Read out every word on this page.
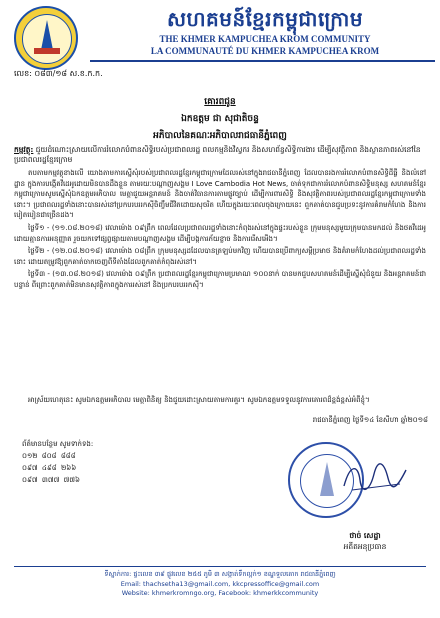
សហគមន៍ខ្មែរកម្ពុជាក្រោម
THE KHMER KAMPUCHEA KROM COMMUNITY
LA COMMUNAUTÉ DU KHMER KAMPUCHEA KROM
លេខ: ០៨៣/១៨ ស.ខ.ក.ក.
គោរពជូន
ឯកឧត្តម ជា សុជាតិចន្ទ
អភិបាលនៃគណៈអភិបាលរាជធានីភ្នំពេញ
កម្មវត្ថុ: ជួយដំណោះស្រាយលើការរំលោភបំពានសិទ្ធិរបស់ប្រជាពលរដ្ឋ ពលកម្មនិងវិស្វករ និងសហព័ន្ធសិទ្ធិការងារ ដើម្បីសុវត្ថិភាព និងស្ថានភាពរស់នៅនៃប្រជាពលរដ្ឋខ្មែរក្រោម

តបតាមកម្មវត្ថុខាងលើ យោងតាមការស្នើសុំរបស់ប្រជាពលរដ្ឋខ្មែរកម្ពុជាក្រោមដែលរស់នៅក្នុងរាជធានីភ្នំពេញ ដែលបានរងការរំលោភបំពានសិទ្ធិដីធ្លី និងលំនៅដ្ឋាន ក្នុងការបង្កើតវីដេអូដោយមិនបានដឹងខ្លួន តាមរយៈបណ្តាញសង្គម I Love Cambodia Hot News, ចាត់ទុកជាការរំលោភបំពានសិទ្ធិមនុស្ស សហគមន៍ខ្មែរកម្ពុជាក្រោមសូមស្នើសុំឯកឧត្តមអភិបាល មេត្តាជួយអន្តរាគមន៍ និងចាត់វិធានការតាមផ្លូវច្បាប់ ដើម្បីការពារសិទ្ធិ និងសុវត្ថិភាពរបស់ប្រជាពលរដ្ឋខ្មែរកម្ពុជាក្រោមទាំងនោះ។ ប្រជាពលរដ្ឋទាំងនោះបានរស់នៅប្រកបរបររកស៊ីចិញ្ចឹមជីវិតដោយសុចរិត ហើយក្នុងរយៈពេលចុងក្រោយនេះ ពួកគាត់បានជួបប្រទះនូវការគំរាមកំហែង និងការបៀតបៀនជាច្រើនដង។

ថ្ងៃទី១ - (១១.០៨.២០១៨) វេលាម៉ោង ០៩ព្រឹក ពេលដែលប្រជាពលរដ្ឋទាំងនោះកំពុងរស់នៅក្នុងផ្ទះរបស់ខ្លួន ក្រុមមនុស្សមួយក្រុមបានមកដល់ និងថតវីដេអូដោយគ្មានការអនុញ្ញាត រួចយកទៅផ្សព្វផ្សាយតាមបណ្តាញសង្គម ដើម្បីបង្កការភ័យខ្លាច និងការរើសអើង។

ថ្ងៃទី២ - (១២.០៨.២០១៨) វេលាម៉ោង ០៨ព្រឹក ក្រុមមនុស្សដដែលបានត្រឡប់មកវិញ ហើយបានប្រើពាក្យសម្តីប្រមាថ និងគំរាមកំហែងដល់ប្រជាពលរដ្ឋទាំងនោះ ដោយតម្រូវឱ្យពួកគាត់ចាកចេញពីទីតាំងដែលពួកគាត់កំពុងរស់នៅ។

ថ្ងៃទី៣ - (១៣.០៨.២០១៨) វេលាម៉ោង ០៩ព្រឹក ប្រជាពលរដ្ឋខ្មែរកម្ពុជាក្រោមប្រមាណ ១០០នាក់ បានមកជួបសហគមន៍ដើម្បីស្នើសុំជំនួយ និងអន្តរាគមន៍ជាបន្ទាន់ ពីព្រោះពួកគាត់មិនមានសុវត្ថិភាពក្នុងការរស់នៅ និងប្រកបរបររកស៊ី។

អាស្រ័យហេតុនេះ សូមឯកឧត្តមអភិបាល មេត្តាពិនិត្យ និងជួយដោះស្រាយតាមការគួរ។ សូមឯកឧត្តមទទួលនូវការគោរពដ៏ខ្ពង់ខ្ពស់អំពីខ្ញុំ។
រាជធានីភ្នំពេញ ថ្ងៃទី១៤ ខែសីហា ឆ្នាំ២០១៨
ព័ត៌មានបន្ថែម សូមទាក់ទង:
០១២ ៨០៨ ៨៨៨
០៩៧ ៤៩៨ ២៦៦
០៩៧ ៣៧៧ ៧៧៦
ថាច់ សេដ្ឋា
អតីតអនុប្រធាន
ទីស្នាក់ការ: ផ្ទះលេខ ៣៩ ផ្លូវលេខ ២៥៥ ភូមិ ៣ សង្កាត់ទឹកល្អក់១ ខណ្ឌទួលគោក រាជធានីភ្នំពេញ
Email: thachsetha13@gmail.com, kkcpressoffice@gmail.com
Website: khmerkromngo.org, Facebook: khmerkkcommunity
